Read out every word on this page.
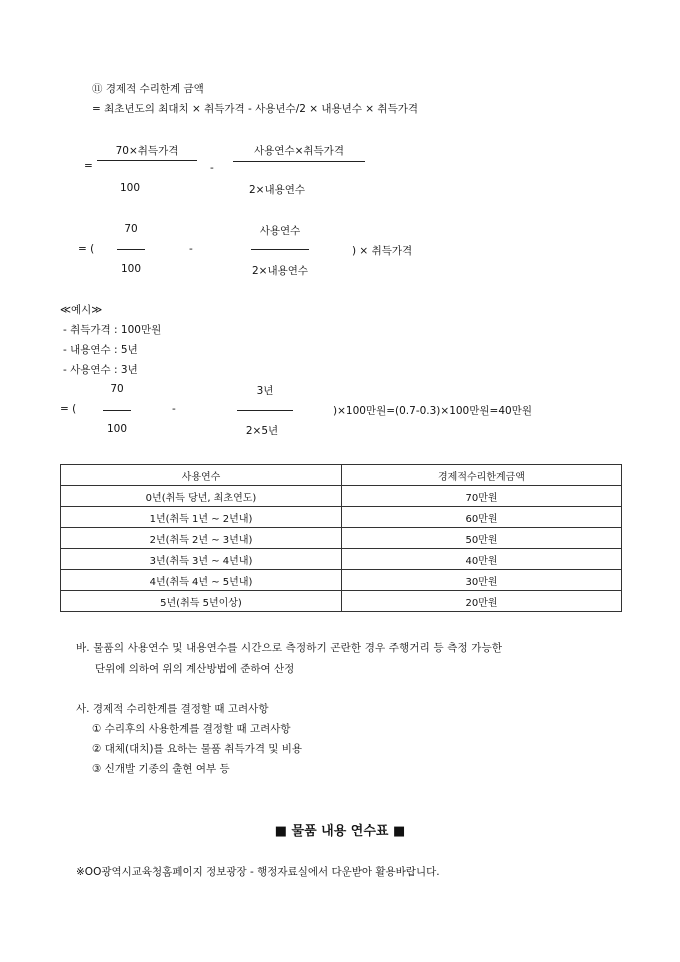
⑪ 경제적 수리한계 금액
= 최초년도의 최대치 × 취득가격 - 사용년수/2 × 내용년수 × 취득가격
=
70×취득가격
100
-
사용연수×취득가격
2×내용연수
= (
70
100
-
사용연수
2×내용연수
) × 취득가격
≪예시≫
- 취득가격 : 100만원
- 내용연수 : 5년
- 사용연수 : 3년
= (
70
100
-
3년
2×5년
)×100만원=(0.7-0.3)×100만원=40만원
사용연수	경제적수리한계금액
0년(취득 당년, 최초연도)	70만원
1년(취득 1년 ~ 2년내)	60만원
2년(취득 2년 ~ 3년내)	50만원
3년(취득 3년 ~ 4년내)	40만원
4년(취득 4년 ~ 5년내)	30만원
5년(취득 5년이상)	20만원
바. 물품의 사용연수 및 내용연수를 시간으로 측정하기 곤란한 경우 주행거리 등 측정 가능한
단위에 의하여 위의 계산방법에 준하여 산정
사. 경제적 수리한계를 결정할 때 고려사항
① 수리후의 사용한계를 결정할 때 고려사항
② 대체(대치)를 요하는 물품 취득가격 및 비용
③ 신개발 기종의 출현 여부 등
■ 물품 내용 연수표 ■
※OO광역시교육청홈페이지 정보광장 - 행정자료실에서 다운받아 활용바랍니다.
